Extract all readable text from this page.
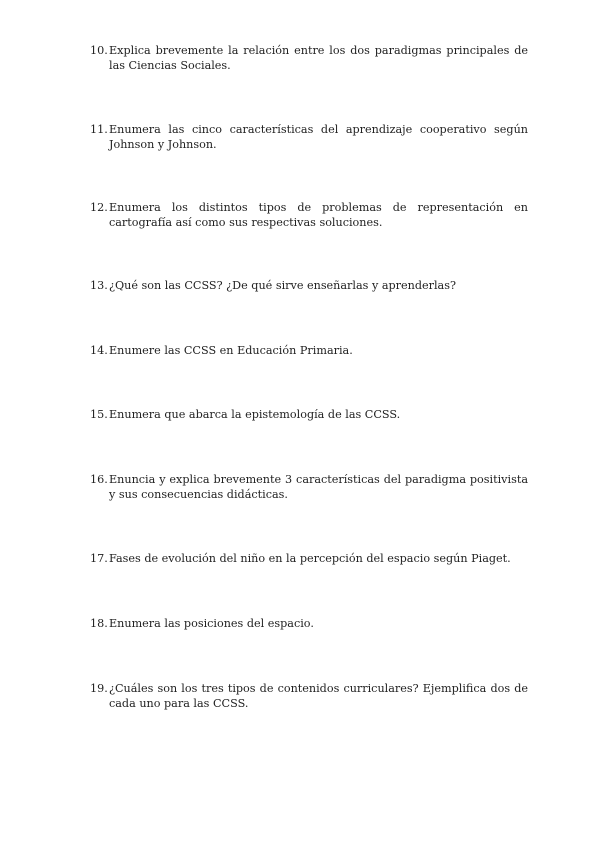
10. Explica brevemente la relación entre los dos paradigmas principales de las Ciencias Sociales.
11. Enumera las cinco características del aprendizaje cooperativo según Johnson y Johnson.
12. Enumera los distintos tipos de problemas de representación en cartografía así como sus respectivas soluciones.
13. ¿Qué son las CCSS? ¿De qué sirve enseñarlas y aprenderlas?
14. Enumere las CCSS en Educación Primaria.
15. Enumera que abarca la epistemología de las CCSS.
16. Enuncia y explica brevemente 3 características del paradigma positivista y sus consecuencias didácticas.
17. Fases de evolución del niño en la percepción del espacio según Piaget.
18. Enumera las posiciones del espacio.
19. ¿Cuáles son los tres tipos de contenidos curriculares? Ejemplifica dos de cada uno para las CCSS.
